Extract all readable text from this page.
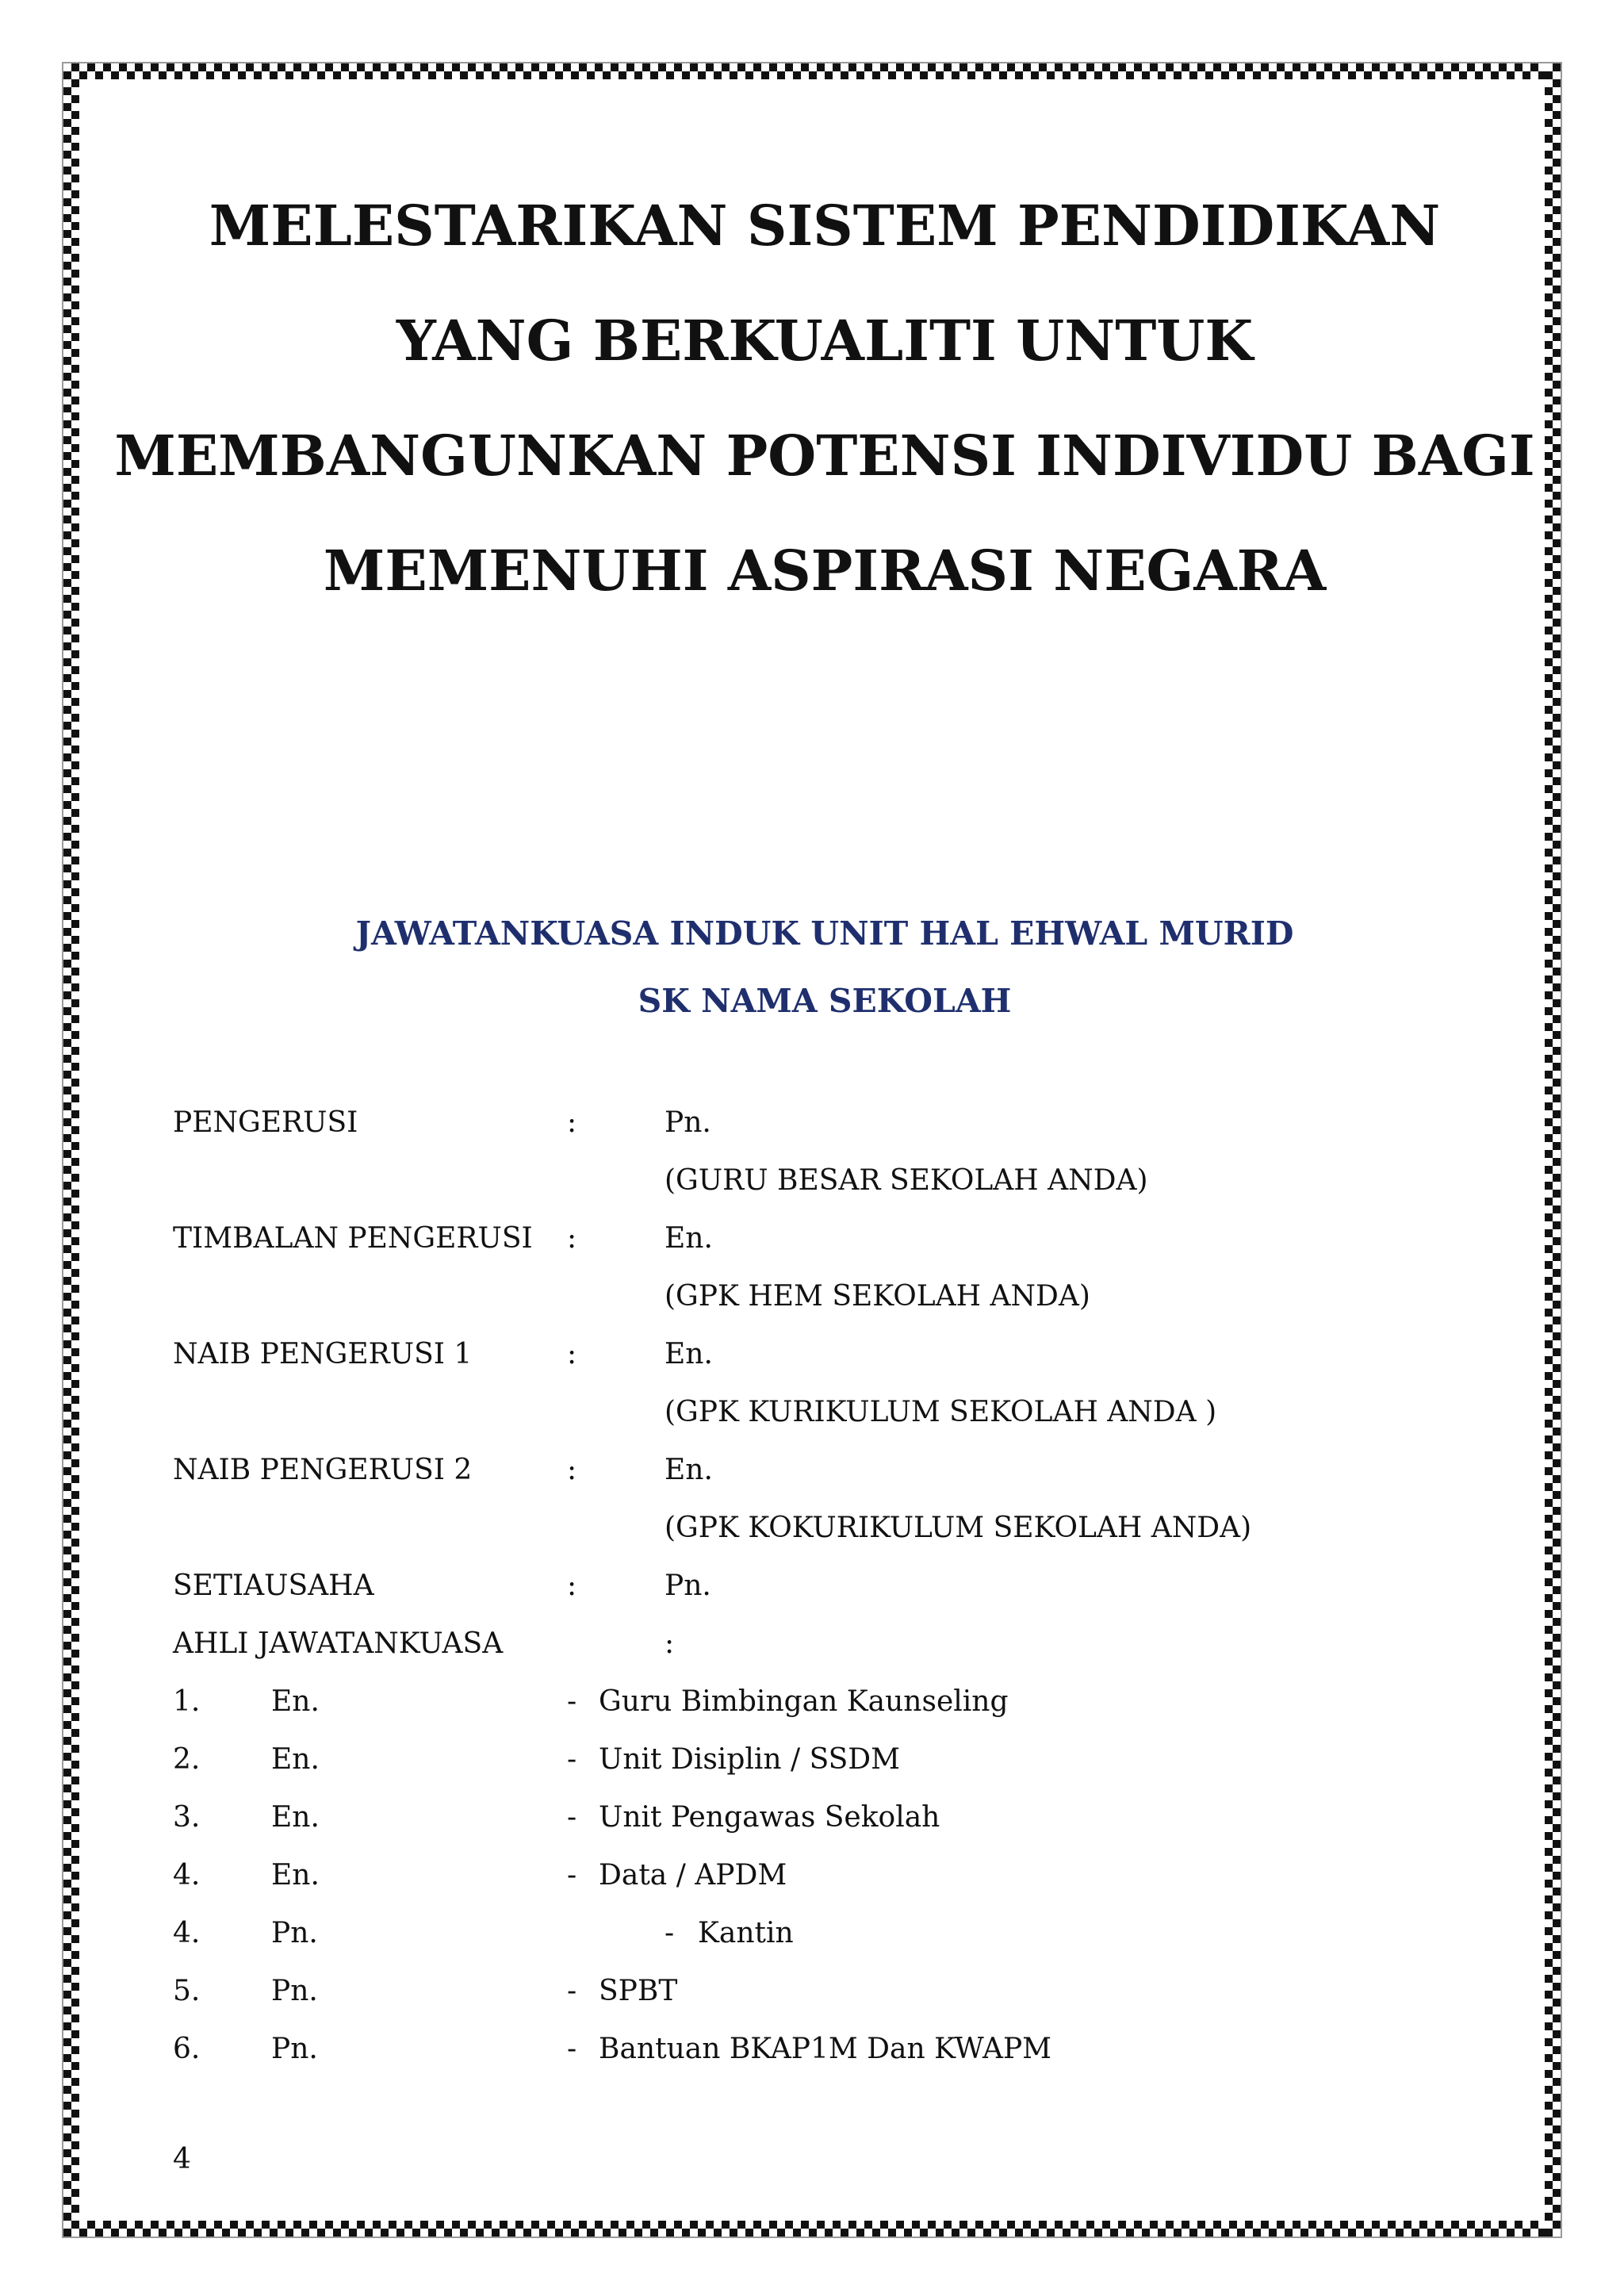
MELESTARIKAN SISTEM PENDIDIKAN
YANG BERKUALITI UNTUK
MEMBANGUNKAN POTENSI INDIVIDU BAGI
MEMENUHI ASPIRASI NEGARA
JAWATANKUASA INDUK UNIT HAL EHWAL MURID
SK NAMA SEKOLAH
PENGERUSI	:	Pn.
(GURU BESAR SEKOLAH ANDA)
TIMBALAN PENGERUSI :	En.
(GPK HEM SEKOLAH ANDA)
NAIB PENGERUSI 1	:	En.
(GPK KURIKULUM SEKOLAH ANDA )
NAIB PENGERUSI 2	:	En.
(GPK KOKURIKULUM SEKOLAH ANDA)
SETIAUSAHA	:	Pn.
AHLI JAWATANKUASA	:
1. En.	- Guru Bimbingan Kaunseling
2. En.	- Unit Disiplin / SSDM
3. En.	- Unit Pengawas Sekolah
4. En.	- Data / APDM
4. Pn.	- Kantin
5. Pn.	- SPBT
6. Pn.	- Bantuan BKAP1M Dan KWAPM
4
